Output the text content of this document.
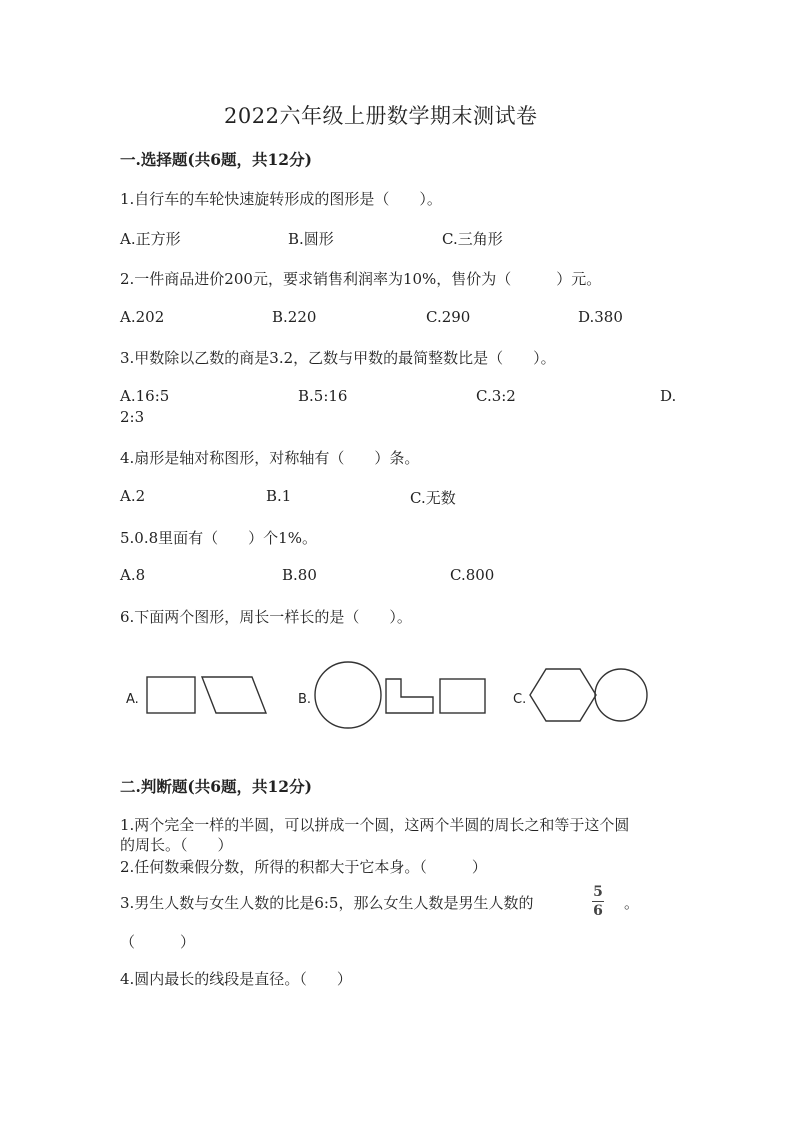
2022六年级上册数学期末测试卷
一.选择题(共6题，共12分)
1.自行车的车轮快速旋转形成的图形是（　　）。
A.正方形	B.圆形	C.三角形
2.一件商品进价200元，要求销售利润率为10%，售价为（　　　）元。
A.202	B.220	C.290	D.380
3.甲数除以乙数的商是3.2，乙数与甲数的最简整数比是（　　）。
A.16:5	B.5:16	C.3:2	D.
2:3
4.扇形是轴对称图形，对称轴有（　　）条。
A.2	B.1	C.无数
5.0.8里面有（　　）个1%。
A.8	B.80	C.800
6.下面两个图形，周长一样长的是（　　）。
A.	B.	C.
二.判断题(共6题，共12分)
1.两个完全一样的半圆，可以拼成一个圆，这两个半圆的周长之和等于这个圆
的周长。（　　）
2.任何数乘假分数，所得的积都大于它本身。（　　　）
3.男生人数与女生人数的比是6:5，那么女生人数是男生人数的
5
6 。
（　　　）
4.圆内最长的线段是直径。（　　）
